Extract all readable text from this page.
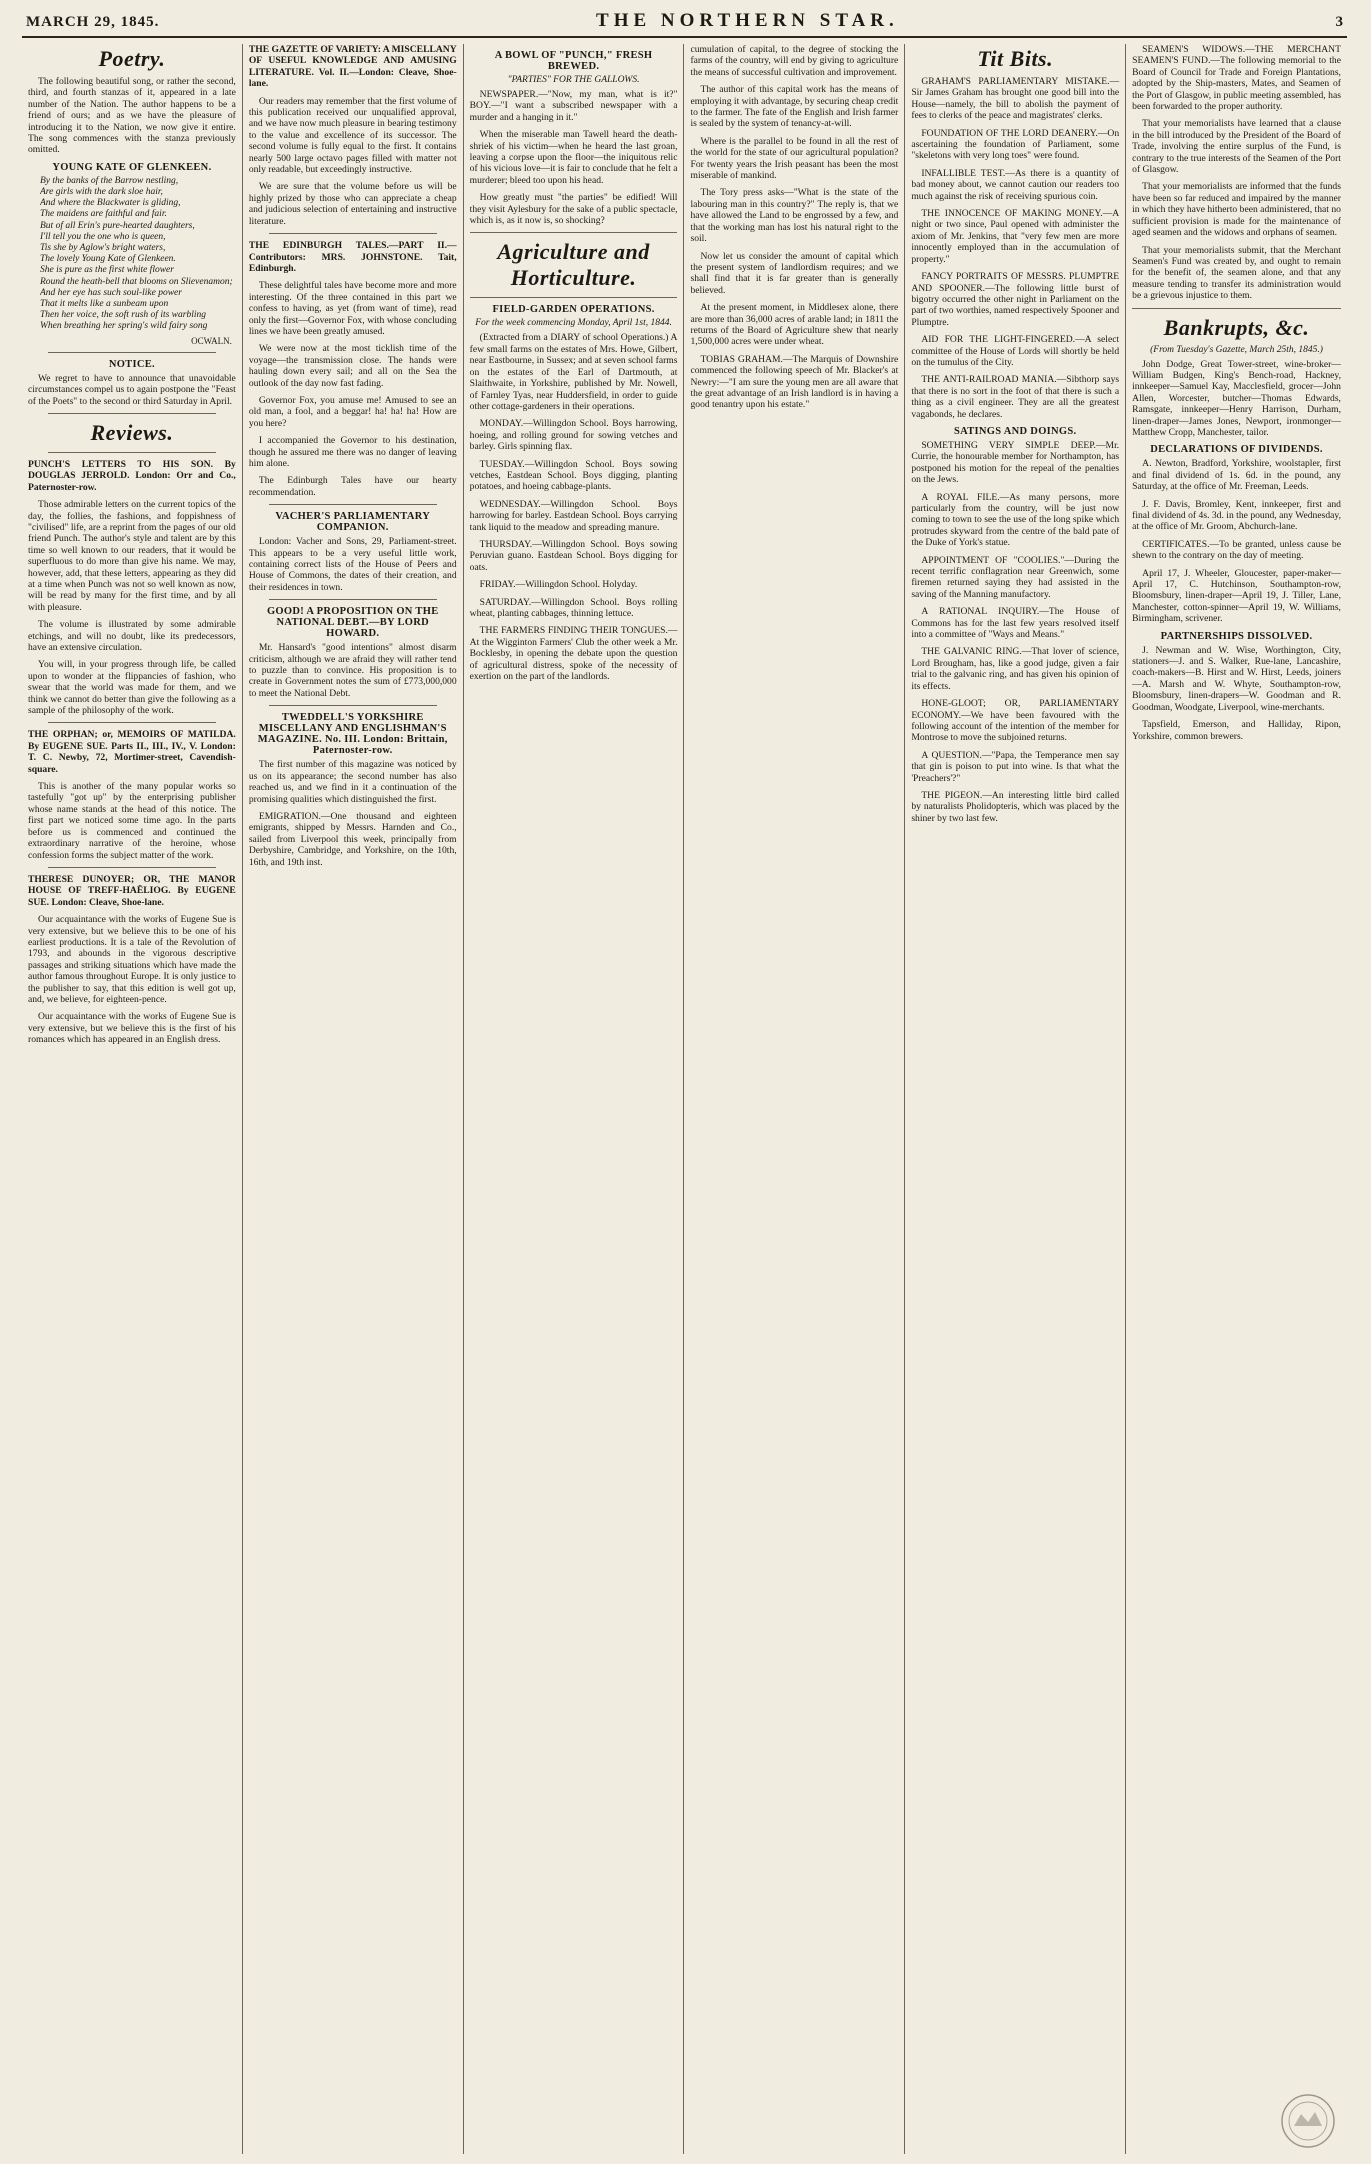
MARCH 29, 1845.	THE NORTHERN STAR.	3
Poetry.

The following beautiful song, or rather the second, third, and fourth stanzas of it, appeared in a late number of the Nation. The author happens to be a friend of ours; and as we have the pleasure of introducing it to the Nation, we now give it entire. The song commences with the stanza previously omitted.

YOUNG KATE OF GLENKEEN.
By the banks of the Barrow nestling,
Are girls with the dark sloe hair,
And where the Blackwater is gliding,
The maidens are faithful and fair.
But of all Erin's pure-hearted daughters,
I'll tell you the one who is queen,
Tis she by Aglow's bright waters,
The lovely Young Kate of Glenkeen.
She is pure as the first white flower
Round the heath-bell that blooms on Slievenamon;
And her eye has such soul-like power
That it melts like a sunbeam upon
Then her voice, the soft rush of its warbling
When breathing her spring's wild fairy song
OCWALN.
NOTICE.

We regret to have to announce that unavoidable circumstances compel us to again postpone the "Feast of the Poets" to the second or third Saturday in April.

Reviews.

PUNCH'S LETTERS TO HIS SON. By DOUGLAS JERROLD. London: Orr and Co., Paternoster-row.

Those admirable letters on the current topics of the day, the follies, the fashions, and foppishness of "civilised" life, are a reprint from the pages of our old friend Punch. The author's style and talent are by this time so well known to our readers, that it would be superfluous to do more than give his name. We may, however, add, that these letters, appearing as they did at a time when Punch was not so well known as now, will be read by many for the first time, and by all with pleasure.

The volume is illustrated by some admirable etchings, and will no doubt, like its predecessors, have an extensive circulation.

You will, in your progress through life, be called upon to wonder at the flippancies of fashion, who swear that the world was made for them, and we think we cannot do better than give the following as a sample of the philosophy of the work.

THE ORPHAN; or, MEMOIRS OF MATILDA. By EUGENE SUE. Parts II., III., IV., V. London: T. C. Newby, 72, Mortimer-street, Cavendish-square.

This is another of the many popular works so tastefully "got up" by the enterprising publisher whose name stands at the head of this notice. The first part we noticed some time ago. In the parts before us is commenced and continued the extraordinary narrative of the heroine, whose confession forms the subject matter of the work.

THERESE DUNOYER; OR, THE MANOR HOUSE OF TREFF-HAËLIOG. By EUGENE SUE. London: Cleave, Shoe-lane.

Our acquaintance with the works of Eugene Sue is very extensive, but we believe this to be one of his earliest productions. It is a tale of the Revolution of 1793, and abounds in the vigorous descriptive passages and striking situations which have made the author famous throughout Europe. It is only justice to the publisher to say, that this edition is well got up, and, we believe, for eighteen-pence.

Our acquaintance with the works of Eugene Sue is very extensive, but we believe this is the first of his romances which has appeared in an English dress.

THE GAZETTE OF VARIETY: A MISCELLANY OF USEFUL KNOWLEDGE AND AMUSING LITERATURE. Vol. II.—London: Cleave, Shoe-lane.

Our readers may remember that the first volume of this publication received our unqualified approval, and we have now much pleasure in bearing testimony to the value and excellence of its successor. The second volume is fully equal to the first. It contains nearly 500 large octavo pages filled with matter not only readable, but exceedingly instructive.

We are sure that the volume before us will be highly prized by those who can appreciate a cheap and judicious selection of entertaining and instructive literature.

THE EDINBURGH TALES.—PART II.—Contributors: MRS. JOHNSTONE. Tait, Edinburgh.

These delightful tales have become more and more interesting. Of the three contained in this part we confess to having, as yet (from want of time), read only the first—Governor Fox, with whose concluding lines we have been greatly amused.

We were now at the most ticklish time of the voyage—the transmission close. The hands were hauling down every sail; and all on the Sea the outlook of the day now fast fading.

Governor Fox, you amuse me! Amused to see an old man, a fool, and a beggar! ha! ha! ha! How are you here?

I accompanied the Governor to his destination, though he assured me there was no danger of leaving him alone.

The Edinburgh Tales have our hearty recommendation.

VACHER'S PARLIAMENTARY COMPANION.

London: Vacher and Sons, 29, Parliament-street. This appears to be a very useful little work, containing correct lists of the House of Peers and House of Commons, the dates of their creation, and their residences in town.

GOOD! A PROPOSITION ON THE NATIONAL DEBT.—BY LORD HOWARD.

Mr. Hansard's "good intentions" almost disarm criticism, although we are afraid they will rather tend to puzzle than to convince. His proposition is to create in Government notes the sum of £773,000,000 to meet the National Debt.

TWEDDELL'S YORKSHIRE MISCELLANY AND ENGLISHMAN'S MAGAZINE. No. III. London: Brittain, Paternoster-row.

The first number of this magazine was noticed by us on its appearance; the second number has also reached us, and we find in it a continuation of the promising qualities which distinguished the first.

EMIGRATION.—One thousand and eighteen emigrants, shipped by Messrs. Harnden and Co., sailed from Liverpool this week, principally from Derbyshire, Cambridge, and Yorkshire, on the 10th, 16th, and 19th inst.

A BOWL OF "PUNCH," FRESH BREWED.
"PARTIES" FOR THE GALLOWS.

NEWSPAPER.—"Now, my man, what is it?" BOY.—"I want a subscribed newspaper with a murder and a hanging in it."

When the miserable man Tawell heard the death-shriek of his victim—when he heard the last groan, leaving a corpse upon the floor—the iniquitous relic of his vicious love—it is fair to conclude that he felt a murderer; bleed too upon his head.

How greatly must "the parties" be edified! Will they visit Aylesbury for the sake of a public spectacle, which is, as it now is, so shocking?

Agriculture and Horticulture.
FIELD-GARDEN OPERATIONS.
For the week commencing Monday, April 1st, 1844.

(Extracted from a DIARY of school Operations.) A few small farms on the estates of Mrs. Howe, Gilbert, near Eastbourne, in Sussex; and at seven school farms on the estates of the Earl of Dartmouth, at Slaithwaite, in Yorkshire, published by Mr. Nowell, of Farnley Tyas, near Huddersfield, in order to guide other cottage-gardeners in their operations.

MONDAY.—Willingdon School. Boys harrowing, hoeing, and rolling ground for sowing vetches and barley. Girls spinning flax.

TUESDAY.—Willingdon School. Boys sowing vetches, Eastdean School. Boys digging, planting potatoes, and hoeing cabbage-plants.

WEDNESDAY.—Willingdon School. Boys harrowing for barley. Eastdean School. Boys carrying tank liquid to the meadow and spreading manure.

THURSDAY.—Willingdon School. Boys sowing Peruvian guano. Eastdean School. Boys digging for oats.

FRIDAY.—Willingdon School. Holyday.

SATURDAY.—Willingdon School. Boys rolling wheat, planting cabbages, thinning lettuce.

THE FARMERS FINDING THEIR TONGUES.—At the Wigginton Farmers' Club the other week a Mr. Bocklesby, in opening the debate upon the question of agricultural distress, spoke of the necessity of exertion on the part of the landlords.

cumulation of capital, to the degree of stocking the farms of the country, will end by giving to agriculture the means of successful cultivation and improvement.

The author of this capital work has the means of employing it with advantage, by securing cheap credit to the farmer. The fate of the English and Irish farmer is sealed by the system of tenancy-at-will.

Where is the parallel to be found in all the rest of the world for the state of our agricultural population? For twenty years the Irish peasant has been the most miserable of mankind.

The Tory press asks—"What is the state of the labouring man in this country?" The reply is, that we have allowed the Land to be engrossed by a few, and that the working man has lost his natural right to the soil.

Now let us consider the amount of capital which the present system of landlordism requires; and we shall find that it is far greater than is generally believed.

At the present moment, in Middlesex alone, there are more than 36,000 acres of arable land; in 1811 the returns of the Board of Agriculture shew that nearly 1,500,000 acres were under wheat.

TOBIAS GRAHAM.—The Marquis of Downshire commenced the following speech of Mr. Blacker's at Newry:—"I am sure the young men are all aware that the great advantage of an Irish landlord is in having a good tenantry upon his estate."

Tit Bits.

GRAHAM'S PARLIAMENTARY MISTAKE.—Sir James Graham has brought one good bill into the House—namely, the bill to abolish the payment of fees to clerks of the peace and magistrates' clerks.

FOUNDATION OF THE LORD DEANERY.—On ascertaining the foundation of Parliament, some "skeletons with very long toes" were found.

INFALLIBLE TEST.—As there is a quantity of bad money about, we cannot caution our readers too much against the risk of receiving spurious coin.

THE INNOCENCE OF MAKING MONEY.—A night or two since, Paul opened with administer the axiom of Mr. Jenkins, that "very few men are more innocently employed than in the accumulation of property."

FANCY PORTRAITS OF MESSRS. PLUMPTRE AND SPOONER.—The following little burst of bigotry occurred the other night in Parliament on the part of two worthies, named respectively Spooner and Plumptre.

AID FOR THE LIGHT-FINGERED.—A select committee of the House of Lords will shortly be held on the tumulus of the City.

THE ANTI-RAILROAD MANIA.—Sibthorp says that there is no sort in the foot of that there is such a thing as a civil engineer. They are all the greatest vagabonds, he declares.

SATINGS AND DOINGS.

SOMETHING VERY SIMPLE DEEP.—Mr. Currie, the honourable member for Northampton, has postponed his motion for the repeal of the penalties on the Jews.

A ROYAL FILE.—As many persons, more particularly from the country, will be just now coming to town to see the use of the long spike which protrudes skyward from the centre of the bald pate of the Duke of York's statue.

APPOINTMENT OF "COOLIES."—During the recent terrific conflagration near Greenwich, some firemen returned saying they had assisted in the saving of the Manning manufactory.

A RATIONAL INQUIRY.—The House of Commons has for the last few years resolved itself into a committee of "Ways and Means."

THE GALVANIC RING.—That lover of science, Lord Brougham, has, like a good judge, given a fair trial to the galvanic ring, and has given his opinion of its effects.

HONE-GLOOT; OR, PARLIAMENTARY ECONOMY.—We have been favoured with the following account of the intention of the member for Montrose to move the subjoined returns.

A QUESTION.—"Papa, the Temperance men say that gin is poison to put into wine. Is that what the 'Preachers'?"

THE PIGEON.—An interesting little bird called by naturalists Pholidopteris, which was placed by the shiner by two last few.

SEAMEN'S WIDOWS.—THE MERCHANT SEAMEN'S FUND.—The following memorial to the Board of Council for Trade and Foreign Plantations, adopted by the Ship-masters, Mates, and Seamen of the Port of Glasgow, in public meeting assembled, has been forwarded to the proper authority.

That your memorialists have learned that a clause in the bill introduced by the President of the Board of Trade, involving the entire surplus of the Fund, is contrary to the true interests of the Seamen of the Port of Glasgow.

That your memorialists are informed that the funds have been so far reduced and impaired by the manner in which they have hitherto been administered, that no sufficient provision is made for the maintenance of aged seamen and the widows and orphans of seamen.

That your memorialists submit, that the Merchant Seamen's Fund was created by, and ought to remain for the benefit of, the seamen alone, and that any measure tending to transfer its administration would be a grievous injustice to them.

Bankrupts, &c.
(From Tuesday's Gazette, March 25th, 1845.)

John Dodge, Great Tower-street, wine-broker—William Budgen, King's Bench-road, Hackney, innkeeper—Samuel Kay, Macclesfield, grocer—John Allen, Worcester, butcher—Thomas Edwards, Ramsgate, innkeeper—Henry Harrison, Durham, linen-draper—James Jones, Newport, ironmonger—Matthew Cropp, Manchester, tailor.

DECLARATIONS OF DIVIDENDS.

A. Newton, Bradford, Yorkshire, woolstapler, first and final dividend of 1s. 6d. in the pound, any Saturday, at the office of Mr. Freeman, Leeds.

J. F. Davis, Bromley, Kent, innkeeper, first and final dividend of 4s. 3d. in the pound, any Wednesday, at the office of Mr. Groom, Abchurch-lane.

CERTIFICATES.—To be granted, unless cause be shewn to the contrary on the day of meeting.

April 17, J. Wheeler, Gloucester, paper-maker—April 17, C. Hutchinson, Southampton-row, Bloomsbury, linen-draper—April 19, J. Tiller, Lane, Manchester, cotton-spinner—April 19, W. Williams, Birmingham, scrivener.

PARTNERSHIPS DISSOLVED.

J. Newman and W. Wise, Worthington, City, stationers—J. and S. Walker, Rue-lane, Lancashire, coach-makers—B. Hirst and W. Hirst, Leeds, joiners—A. Marsh and W. Whyte, Southampton-row, Bloomsbury, linen-drapers—W. Goodman and R. Goodman, Woodgate, Liverpool, wine-merchants.

Tapsfield, Emerson, and Halliday, Ripon, Yorkshire, common brewers.
